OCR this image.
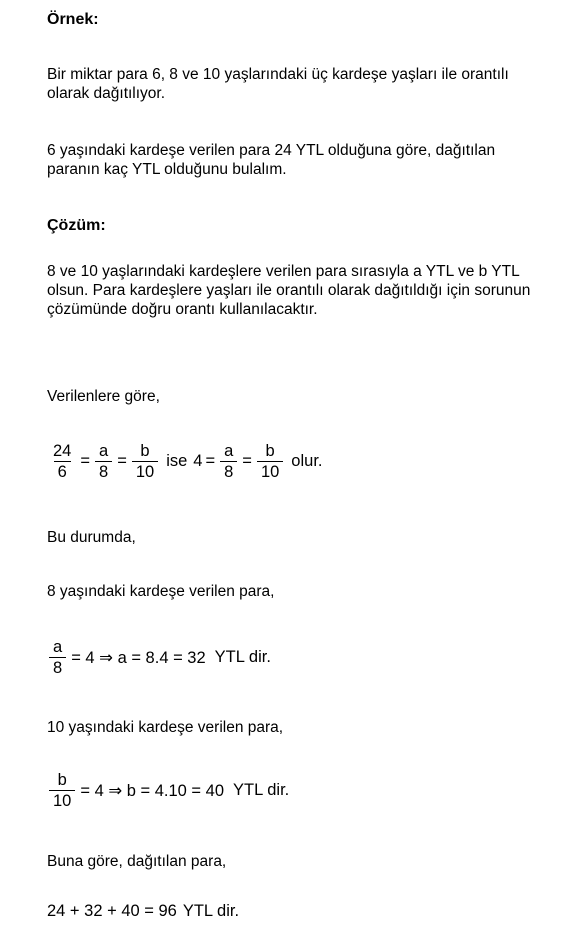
Örnek:

Bir miktar para 6, 8 ve 10 yaşlarındaki üç kardeşe yaşları ile orantılı olarak dağıtılıyor.

6 yaşındaki kardeşe verilen para 24 YTL olduğuna göre, dağıtılan paranın kaç YTL olduğunu bulalım.

Çözüm:

8 ve 10 yaşlarındaki kardeşlere verilen para sırasıyla a YTL ve b YTL olsun. Para kardeşlere yaşları ile orantılı olarak dağıtıldığı için sorunun çözümünde doğru orantı kullanılacaktır.

Verilenlere göre,

$\frac{24}{6} = \frac{a}{8} = \frac{b}{10}$ ise $4 = \frac{a}{8} = \frac{b}{10}$ olur.

Bu durumda,

8 yaşındaki kardeşe verilen para,

$\frac{a}{8} = 4$ ⇒ a = 8.4 = 32 YTL dir.

10 yaşındaki kardeşe verilen para,

$\frac{b}{10} = 4$ ⇒ b = 4.10 = 40 YTL dir.

Buna göre, dağıtılan para,

24 + 32 + 40 = 96 YTL dir.
